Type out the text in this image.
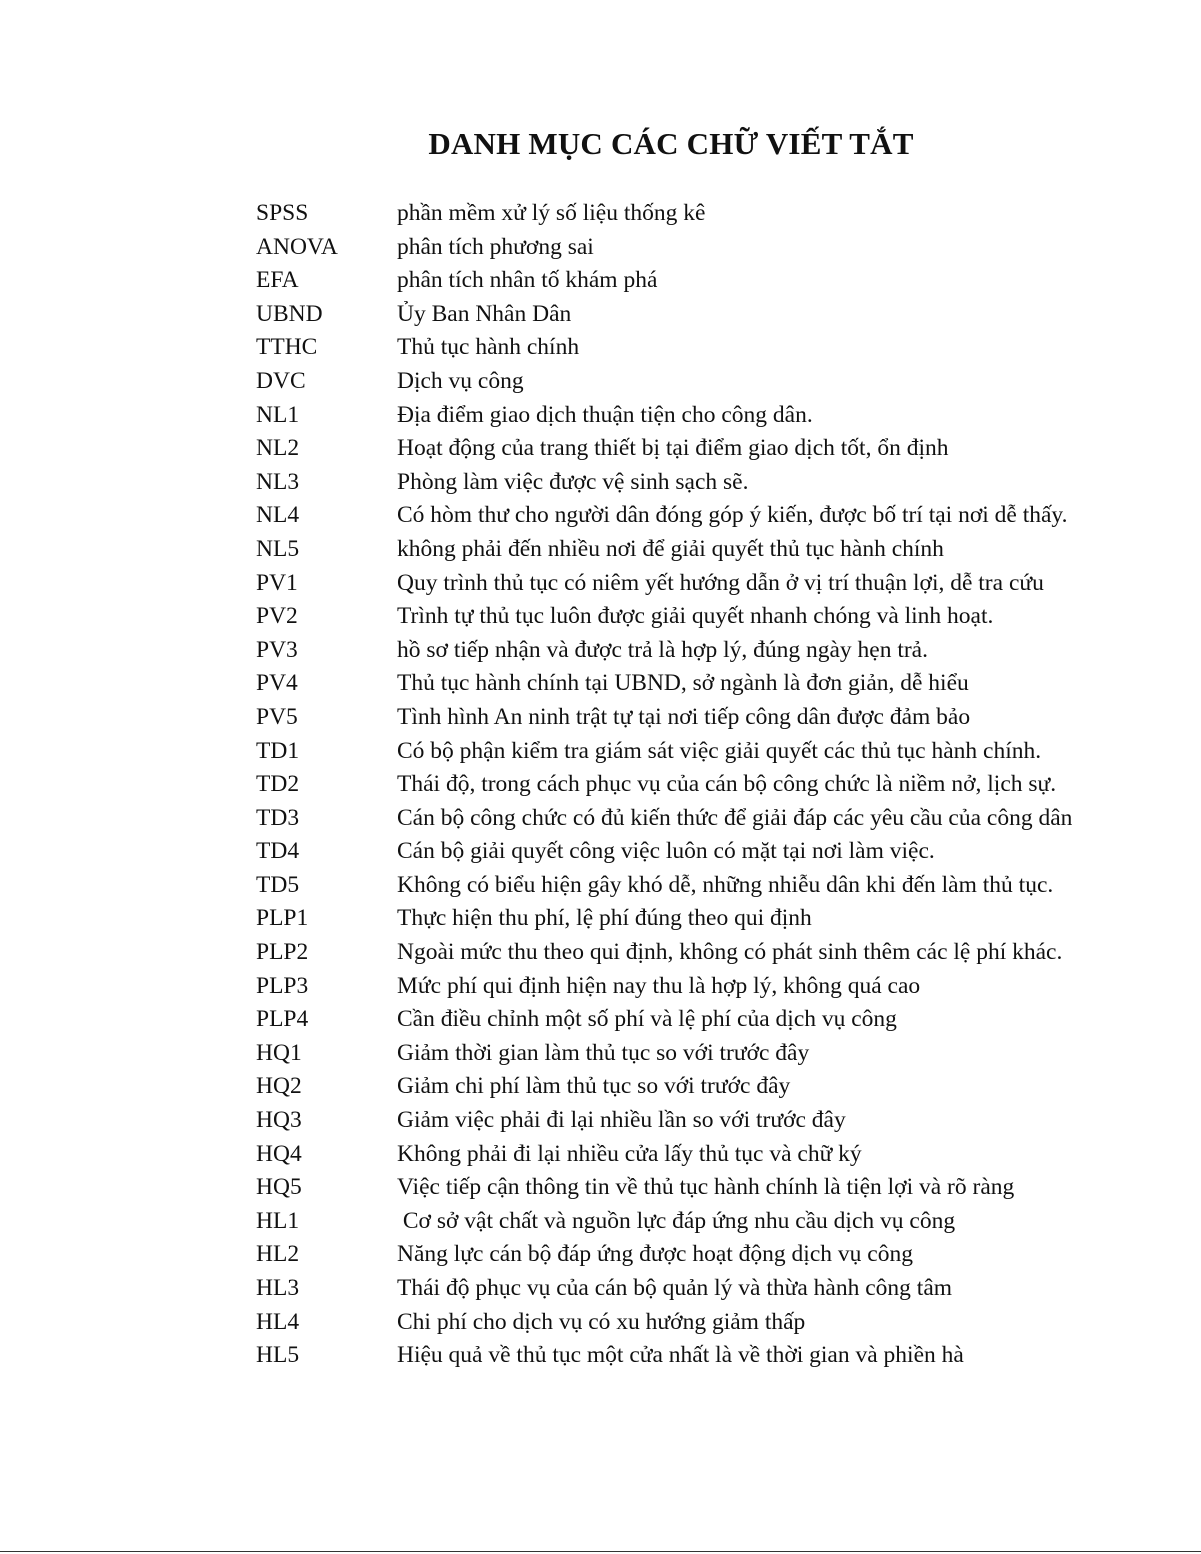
DANH MỤC CÁC CHỮ VIẾT TẮT
SPSS	phần mềm xử lý số liệu thống kê
ANOVA	phân tích phương sai
EFA	phân tích nhân tố khám phá
UBND	Ủy Ban Nhân Dân
TTHC	Thủ tục hành chính
DVC	Dịch vụ công
NL1	Địa điểm giao dịch thuận tiện cho công dân.
NL2	Hoạt động của trang thiết bị tại điểm giao dịch tốt, ổn định
NL3	Phòng làm việc được vệ sinh sạch sẽ.
NL4	Có hòm thư cho người dân đóng góp ý kiến, được bố trí tại nơi dễ thấy.
NL5	không phải đến nhiều nơi để giải quyết thủ tục hành chính
PV1	Quy trình thủ tục có niêm yết hướng dẫn ở vị trí thuận lợi, dễ tra cứu
PV2	Trình tự thủ tục luôn được giải quyết nhanh chóng và linh hoạt.
PV3	hồ sơ tiếp nhận và được trả là hợp lý, đúng ngày hẹn trả.
PV4	Thủ tục hành chính tại UBND, sở ngành là đơn giản, dễ hiểu
PV5	Tình hình An ninh trật tự tại nơi tiếp công dân được đảm bảo
TD1	Có bộ phận kiểm tra giám sát việc giải quyết các thủ tục hành chính.
TD2	Thái độ, trong cách phục vụ của cán bộ công chức là niềm nở, lịch sự.
TD3	Cán bộ công chức có đủ kiến thức để giải đáp các yêu cầu của công dân
TD4	Cán bộ giải quyết công việc luôn có mặt tại nơi làm việc.
TD5	Không có biểu hiện gây khó dễ, những nhiễu dân khi đến làm thủ tục.
PLP1	Thực hiện thu phí, lệ phí đúng theo qui định
PLP2	Ngoài mức thu theo qui định, không có phát sinh thêm các lệ phí khác.
PLP3	Mức phí qui định hiện nay thu là hợp lý, không quá cao
PLP4	Cần điều chỉnh một số phí và lệ phí của dịch vụ công
HQ1	Giảm thời gian làm thủ tục so với trước đây
HQ2	Giảm chi phí làm thủ tục so với trước đây
HQ3	Giảm việc phải đi lại nhiều lần so với trước đây
HQ4	Không phải đi lại nhiều cửa lấy thủ tục và chữ ký
HQ5	Việc tiếp cận thông tin về thủ tục hành chính là tiện lợi và rõ ràng
HL1	Cơ sở vật chất và nguồn lực đáp ứng nhu cầu dịch vụ công
HL2	Năng lực cán bộ đáp ứng được hoạt động dịch vụ công
HL3	Thái độ phục vụ của cán bộ quản lý và thừa hành công tâm
HL4	Chi phí cho dịch vụ có xu hướng giảm thấp
HL5	Hiệu quả về thủ tục một cửa nhất là về thời gian và phiền hà
